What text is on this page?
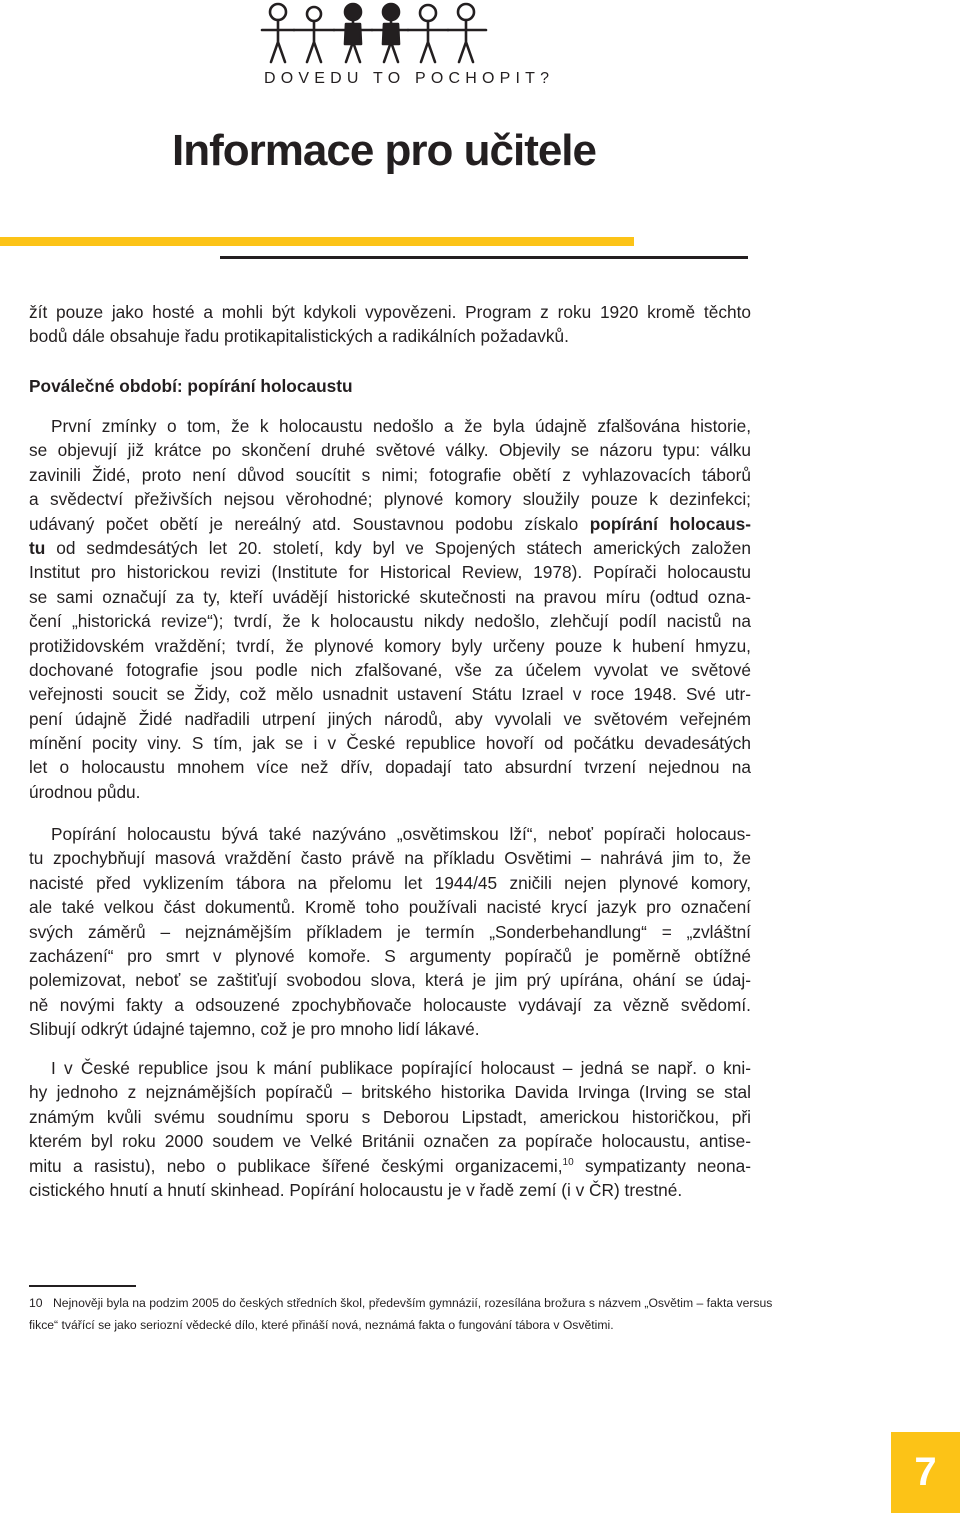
DOVEDU TO POCHOPIT?
Informace pro učitele
žít pouze jako hosté a mohli být kdykoli vypovězeni. Program z roku 1920 kromě těchto
bodů dále obsahuje řadu protikapitalistických a radikálních požadavků.
Poválečné období: popírání holocaustu
První zmínky o tom, že k holocaustu nedošlo a že byla údajně zfalšována historie,
se objevují již krátce po skončení druhé světové války. Objevily se názoru typu: válku
zavinili Židé, proto není důvod soucítit s nimi; fotografie obětí z vyhlazovacích táborů
a svědectví přeživších nejsou věrohodné; plynové komory sloužily pouze k dezinfekci;
udávaný počet obětí je nereálný atd. Soustavnou podobu získalo popírání holocaus-
tu od sedmdesátých let 20. století, kdy byl ve Spojených státech amerických založen
Institut pro historickou revizi (Institute for Historical Review, 1978). Popírači holocaustu
se sami označují za ty, kteří uvádějí historické skutečnosti na pravou míru (odtud ozna-
čení „historická revize“); tvrdí, že k holocaustu nikdy nedošlo, zlehčují podíl nacistů na
protižidovském vraždění; tvrdí, že plynové komory byly určeny pouze k hubení hmyzu,
dochované fotografie jsou podle nich zfalšované, vše za účelem vyvolat ve světové
veřejnosti soucit se Židy, což mělo usnadnit ustavení Státu Izrael v roce 1948. Své utr-
pení údajně Židé nadřadili utrpení jiných národů, aby vyvolali ve světovém veřejném
mínění pocity viny. S tím, jak se i v České republice hovoří od počátku devadesátých
let o holocaustu mnohem více než dřív, dopadají tato absurdní tvrzení nejednou na
úrodnou půdu.
Popírání holocaustu bývá také nazýváno „osvětimskou lží“, neboť popírači holocaus-
tu zpochybňují masová vraždění často právě na příkladu Osvětimi – nahrává jim to, že
nacisté před vyklizením tábora na přelomu let 1944/45 zničili nejen plynové komory,
ale také velkou část dokumentů. Kromě toho používali nacisté krycí jazyk pro označení
svých záměrů – nejznámějším příkladem je termín „Sonderbehandlung“ = „zvláštní
zacházení“ pro smrt v plynové komoře. S argumenty popíračů je poměrně obtížné
polemizovat, neboť se zaštiťují svobodou slova, která je jim prý upírána, ohání se údaj-
ně novými fakty a odsouzené zpochybňovače holocauste vydávají za vězně svědomí.
Slibují odkrýt údajné tajemno, což je pro mnoho lidí lákavé.
I v České republice jsou k mání publikace popírající holocaust – jedná se např. o kni-
hy jednoho z nejznámějších popíračů – britského historika Davida Irvinga (Irving se stal
známým kvůli svému soudnímu sporu s Deborou Lipstadt, americkou historičkou, při
kterém byl roku 2000 soudem ve Velké Británii označen za popírače holocaustu, antise-
mitu a rasistu), nebo o publikace šířené českými organizacemi,$^{10}$ sympatizanty neona-
cistického hnutí a hnutí skinhead. Popírání holocaustu je v řadě zemí (i v ČR) trestné.
10 Nejnověji byla na podzim 2005 do českých středních škol, především gymnázií, rozesílána brožura s názvem „Osvětim – fakta versus
fikce“ tvářící se jako seriozní vědecké dílo, které přináší nová, neznámá fakta o fungování tábora v Osvětimi.
7
